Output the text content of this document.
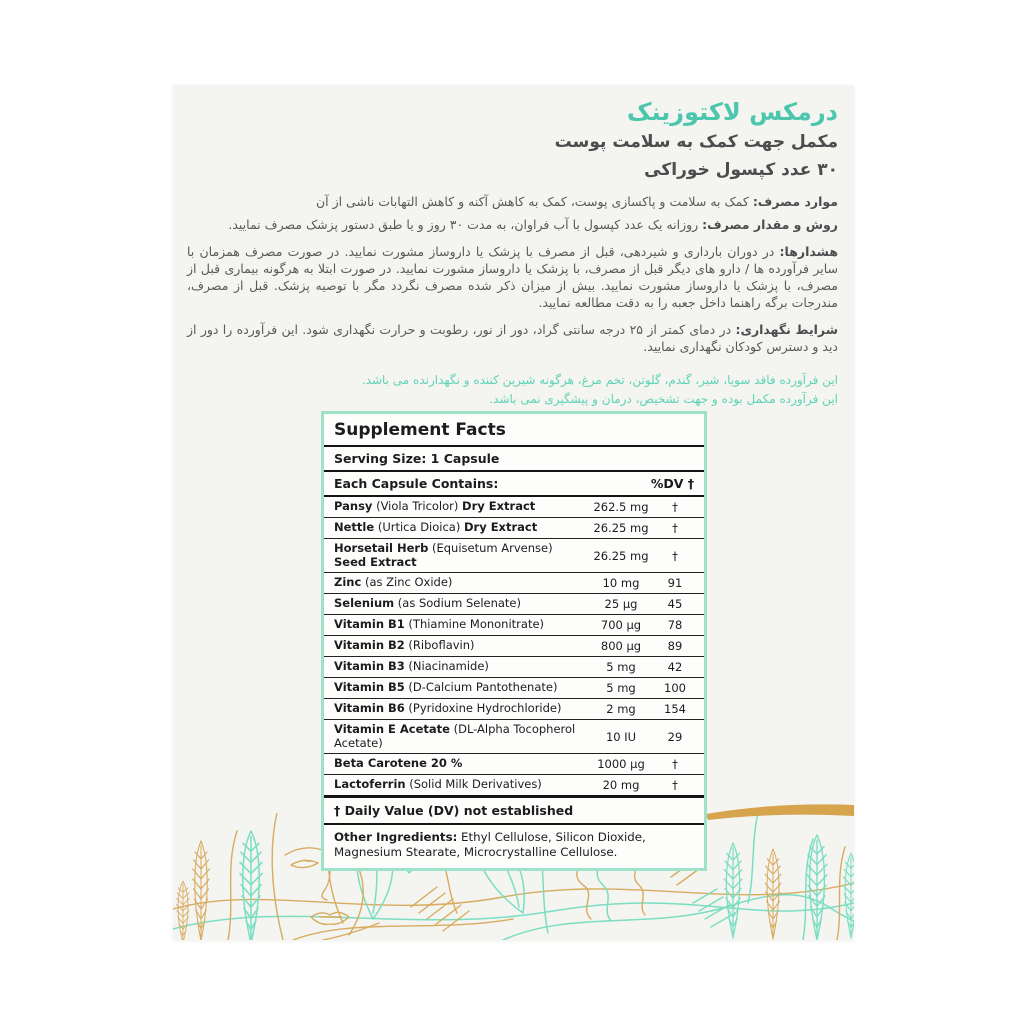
درمکس لاکتوزینک

مکمل جهت کمک به سلامت پوست

۳۰ عدد کپسول خوراکی

موارد مصرف: کمک به سلامت و پاکسازی پوست، کمک به کاهش آکنه و کاهش التهابات ناشی از آن

روش و مقدار مصرف: روزانه یک عدد کپسول با آب فراوان، به مدت ۳۰ روز و یا طبق دستور پزشک مصرف نمایید.

هشدارها: در دوران بارداری و شیردهی، قبل از مصرف با پزشک یا داروساز مشورت نمایید. در صورت مصرف همزمان با سایر فرآورده ها / دارو های دیگر قبل از مصرف، با پزشک یا داروساز مشورت نمایید. در صورت ابتلا به هرگونه بیماری قبل از مصرف، با پزشک یا داروساز مشورت نمایید. بیش از میزان ذکر شده مصرف نگردد مگر با توصیه پزشک. قبل از مصرف، مندرجات برگه راهنما داخل جعبه را به دقت مطالعه نمایید.

شرایط نگهداری: در دمای کمتر از ۲۵ درجه سانتی گراد، دور از نور، رطوبت و حرارت نگهداری شود. این فرآورده را دور از دید و دسترس کودکان نگهداری نمایید.

این فرآورده فاقد سویا، شیر، گندم، گلوتن، تخم مرغ، هرگونه شیرین کننده و نگهدارنده می باشد.

این فرآورده مکمل بوده و جهت تشخیص، درمان و پیشگیری نمی باشد.

Supplement Facts
Serving Size: 1 Capsule
Each Capsule Contains:	%DV †
Pansy (Viola Tricolor) Dry Extract	262.5 mg	†
Nettle (Urtica Dioica) Dry Extract	26.25 mg	†
Horsetail Herb (Equisetum Arvense) Seed Extract	26.25 mg	†
Zinc (as Zinc Oxide)	10 mg	91
Selenium (as Sodium Selenate)	25 µg	45
Vitamin B1 (Thiamine Mononitrate)	700 µg	78
Vitamin B2 (Riboflavin)	800 µg	89
Vitamin B3 (Niacinamide)	5 mg	42
Vitamin B5 (D-Calcium Pantothenate)	5 mg	100
Vitamin B6 (Pyridoxine Hydrochloride)	2 mg	154
Vitamin E Acetate (DL-Alpha Tocopherol Acetate)	10 IU	29
Beta Carotene 20 %	1000 µg	†
Lactoferrin (Solid Milk Derivatives)	20 mg	†
† Daily Value (DV) not established
Other Ingredients: Ethyl Cellulose, Silicon Dioxide, Magnesium Stearate, Microcrystalline Cellulose.
